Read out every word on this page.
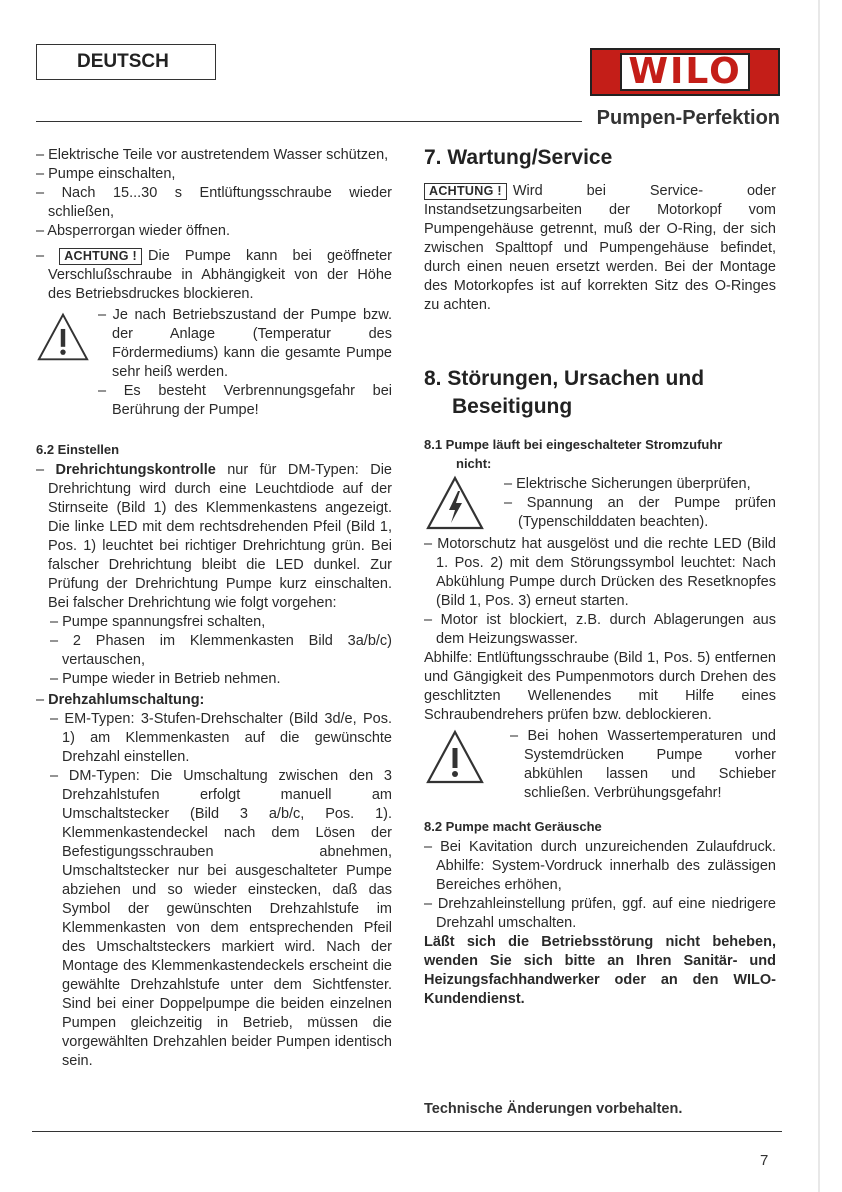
DEUTSCH	WILO
Pumpen-Perfektion

– Elektrische Teile vor austretendem Wasser schützen,

– Pumpe einschalten,

– Nach 15...30 s Entlüftungsschraube wieder schließen,

– Absperrorgan wieder öffnen.

– ACHTUNG ! Die Pumpe kann bei geöffneter Verschlußschraube in Abhängigkeit von der Höhe des Betriebsdruckes blockieren.

– Je nach Betriebszustand der Pumpe bzw. der Anlage (Temperatur des Fördermediums) kann die gesamte Pumpe sehr heiß werden.

– Es besteht Verbrennungsgefahr bei Berührung der Pumpe!

6.2 Einstellen

– Drehrichtungskontrolle nur für DM-Typen: Die Drehrichtung wird durch eine Leuchtdiode auf der Stirnseite (Bild 1) des Klemmenkastens angezeigt. Die linke LED mit dem rechtsdrehenden Pfeil (Bild 1, Pos. 1) leuchtet bei richtiger Drehrichtung grün. Bei falscher Drehrichtung bleibt die LED dunkel. Zur Prüfung der Drehrichtung Pumpe kurz einschalten. Bei falscher Drehrichtung wie folgt vorgehen:

– Pumpe spannungsfrei schalten,

– 2 Phasen im Klemmenkasten Bild 3a/b/c) vertauschen,

– Pumpe wieder in Betrieb nehmen.

– Drehzahlumschaltung:

– EM-Typen: 3-Stufen-Drehschalter (Bild 3d/e, Pos. 1) am Klemmenkasten auf die gewünschte Drehzahl einstellen.

– DM-Typen: Die Umschaltung zwischen den 3 Drehzahlstufen erfolgt manuell am Umschaltstecker (Bild 3 a/b/c, Pos. 1). Klemmenkastendeckel nach dem Lösen der Befestigungsschrauben abnehmen, Umschaltstecker nur bei ausgeschalteter Pumpe abziehen und so wieder einstecken, daß das Symbol der gewünschten Drehzahlstufe im Klemmenkasten von dem entsprechenden Pfeil des Umschaltsteckers markiert wird. Nach der Montage des Klemmenkastendeckels erscheint die gewählte Drehzahlstufe unter dem Sichtfenster. Sind bei einer Doppelpumpe die beiden einzelnen Pumpen gleichzeitig in Betrieb, müssen die vorgewählten Drehzahlen beider Pumpen identisch sein.

7. Wartung/Service

ACHTUNG ! Wird bei Service- oder Instandsetzungsarbeiten der Motorkopf vom Pumpengehäuse getrennt, muß der O-Ring, der sich zwischen Spalttopf und Pumpengehäuse befindet, durch einen neuen ersetzt werden. Bei der Montage des Motorkopfes ist auf korrekten Sitz des O-Ringes zu achten.

8. Störungen, Ursachen und
Beseitigung
8.1 Pumpe läuft bei eingeschalteter Stromzufuhr
nicht:

– Elektrische Sicherungen überprüfen,

– Spannung an der Pumpe prüfen (Typenschilddaten beachten).

– Motorschutz hat ausgelöst und die rechte LED (Bild 1. Pos. 2) mit dem Störungssymbol leuchtet: Nach Abkühlung Pumpe durch Drücken des Resetknopfes (Bild 1, Pos. 3) erneut starten.

– Motor ist blockiert, z.B. durch Ablagerungen aus dem Heizungswasser.

Abhilfe: Entlüftungsschraube (Bild 1, Pos. 5) entfernen und Gängigkeit des Pumpenmotors durch Drehen des geschlitzten Wellenendes mit Hilfe eines Schraubendrehers prüfen bzw. deblockieren.

– Bei hohen Wassertemperaturen und Systemdrücken Pumpe vorher abkühlen lassen und Schieber schließen. Verbrühungsgefahr!

8.2 Pumpe macht Geräusche

– Bei Kavitation durch unzureichenden Zulaufdruck. Abhilfe: System-Vordruck innerhalb des zulässigen Bereiches erhöhen,

– Drehzahleinstellung prüfen, ggf. auf eine niedrigere Drehzahl umschalten.

Läßt sich die Betriebsstörung nicht beheben, wenden Sie sich bitte an Ihren Sanitär- und Heizungsfachhandwerker oder an den WILO-Kundendienst.

Technische Änderungen vorbehalten.
7
